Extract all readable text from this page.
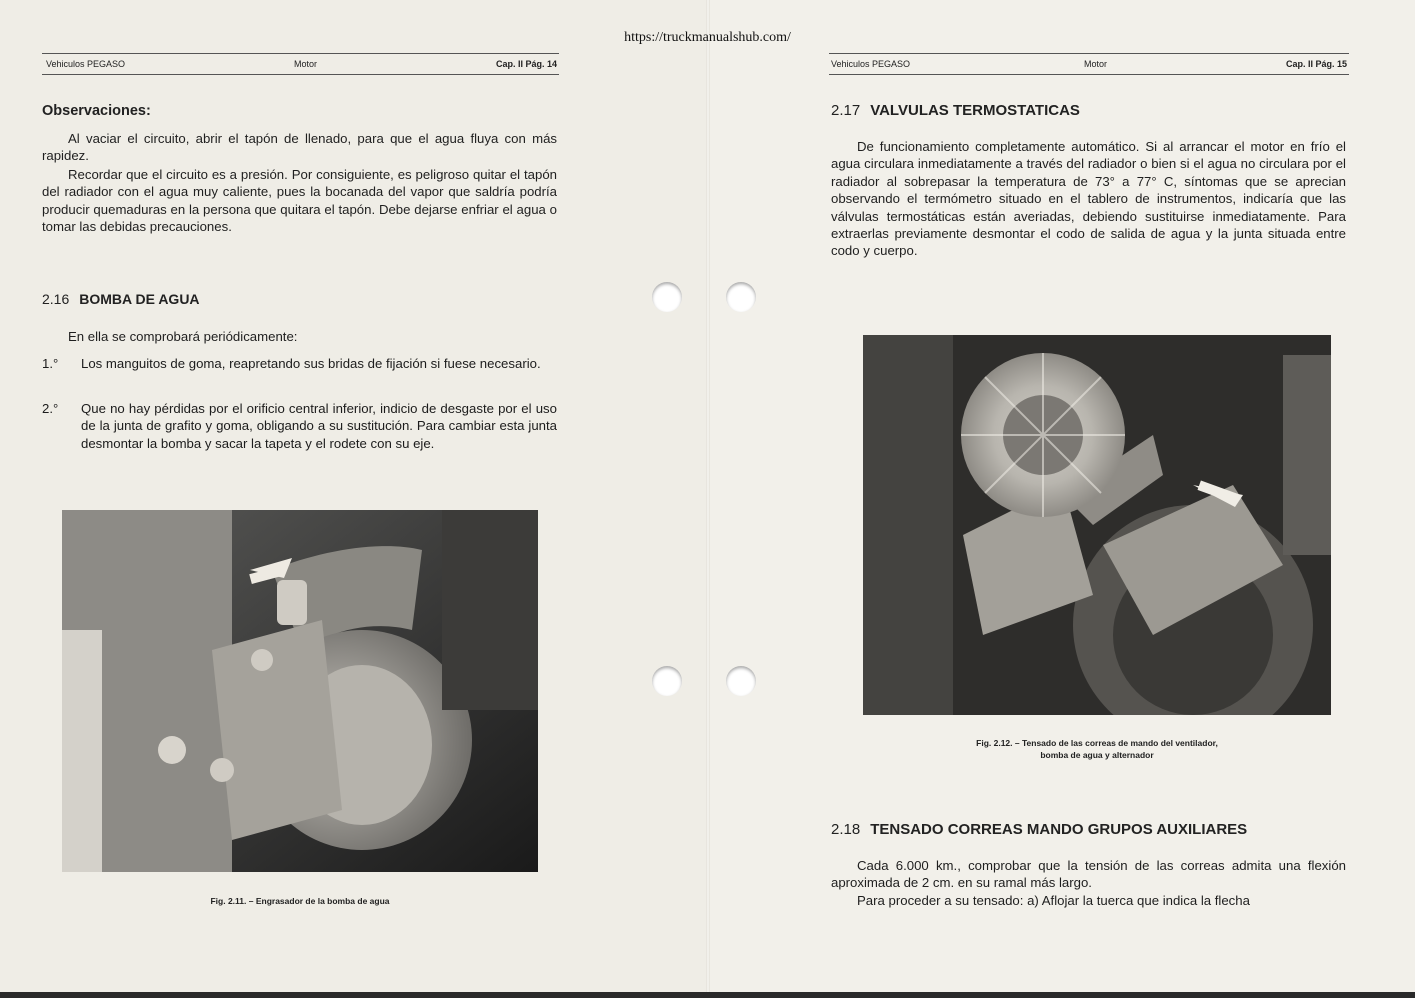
https://truckmanualshub.com/
Vehiculos PEGASO	Motor	Cap. II Pág. 14
Observaciones:

Al vaciar el circuito, abrir el tapón de llenado, para que el agua fluya con más rapidez.

Recordar que el circuito es a presión. Por consiguiente, es peligroso quitar el tapón del radiador con el agua muy caliente, pues la bocanada del vapor que saldría podría producir quemaduras en la persona que quitara el tapón. Debe dejarse enfriar el agua o tomar las debidas precauciones.

2.16 BOMBA DE AGUA

En ella se comprobará periódicamente:

1.° Los manguitos de goma, reapretando sus bridas de fijación si fuese necesario.
2.° Que no hay pérdidas por el orificio central inferior, indicio de desgaste por el uso de la junta de grafito y goma, obligando a su sustitución. Para cambiar esta junta desmontar la bomba y sacar la tapeta y el rodete con su eje.
Fig. 2.11. – Engrasador de la bomba de agua
Vehiculos PEGASO	Motor	Cap. II Pág. 15
2.17 VALVULAS TERMOSTATICAS

De funcionamiento completamente automático. Si al arrancar el motor en frío el agua circulara inmediatamente a través del radiador o bien si el agua no circulara por el radiador al sobrepasar la temperatura de 73° a 77° C, síntomas que se aprecian observando el termómetro situado en el tablero de instrumentos, indicaría que las válvulas termostáticas están averiadas, debiendo sustituirse inmediatamente. Para extraerlas previamente desmontar el codo de salida de agua y la junta situada entre codo y cuerpo.

Fig. 2.12. – Tensado de las correas de mando del ventilador,
bomba de agua y alternador
2.18 TENSADO CORREAS MANDO GRUPOS AUXILIARES

Cada 6.000 km., comprobar que la tensión de las correas admita una flexión aproximada de 2 cm. en su ramal más largo.

Para proceder a su tensado: a) Aflojar la tuerca que indica la flecha
